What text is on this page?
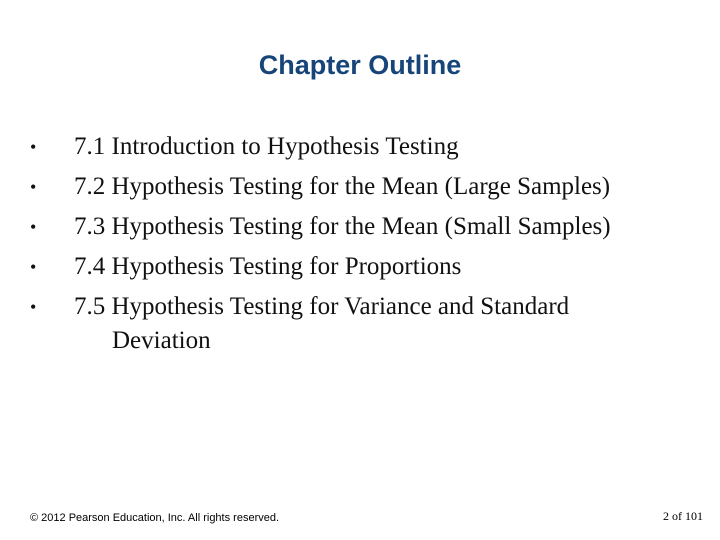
Chapter Outline
•	7.1 Introduction to Hypothesis Testing
•	7.2 Hypothesis Testing for the Mean (Large Samples)
•	7.3 Hypothesis Testing for the Mean (Small Samples)
•	7.4 Hypothesis Testing for Proportions
•	7.5 Hypothesis Testing for Variance and Standard
Deviation
© 2012 Pearson Education, Inc. All rights reserved.	2 of 101
